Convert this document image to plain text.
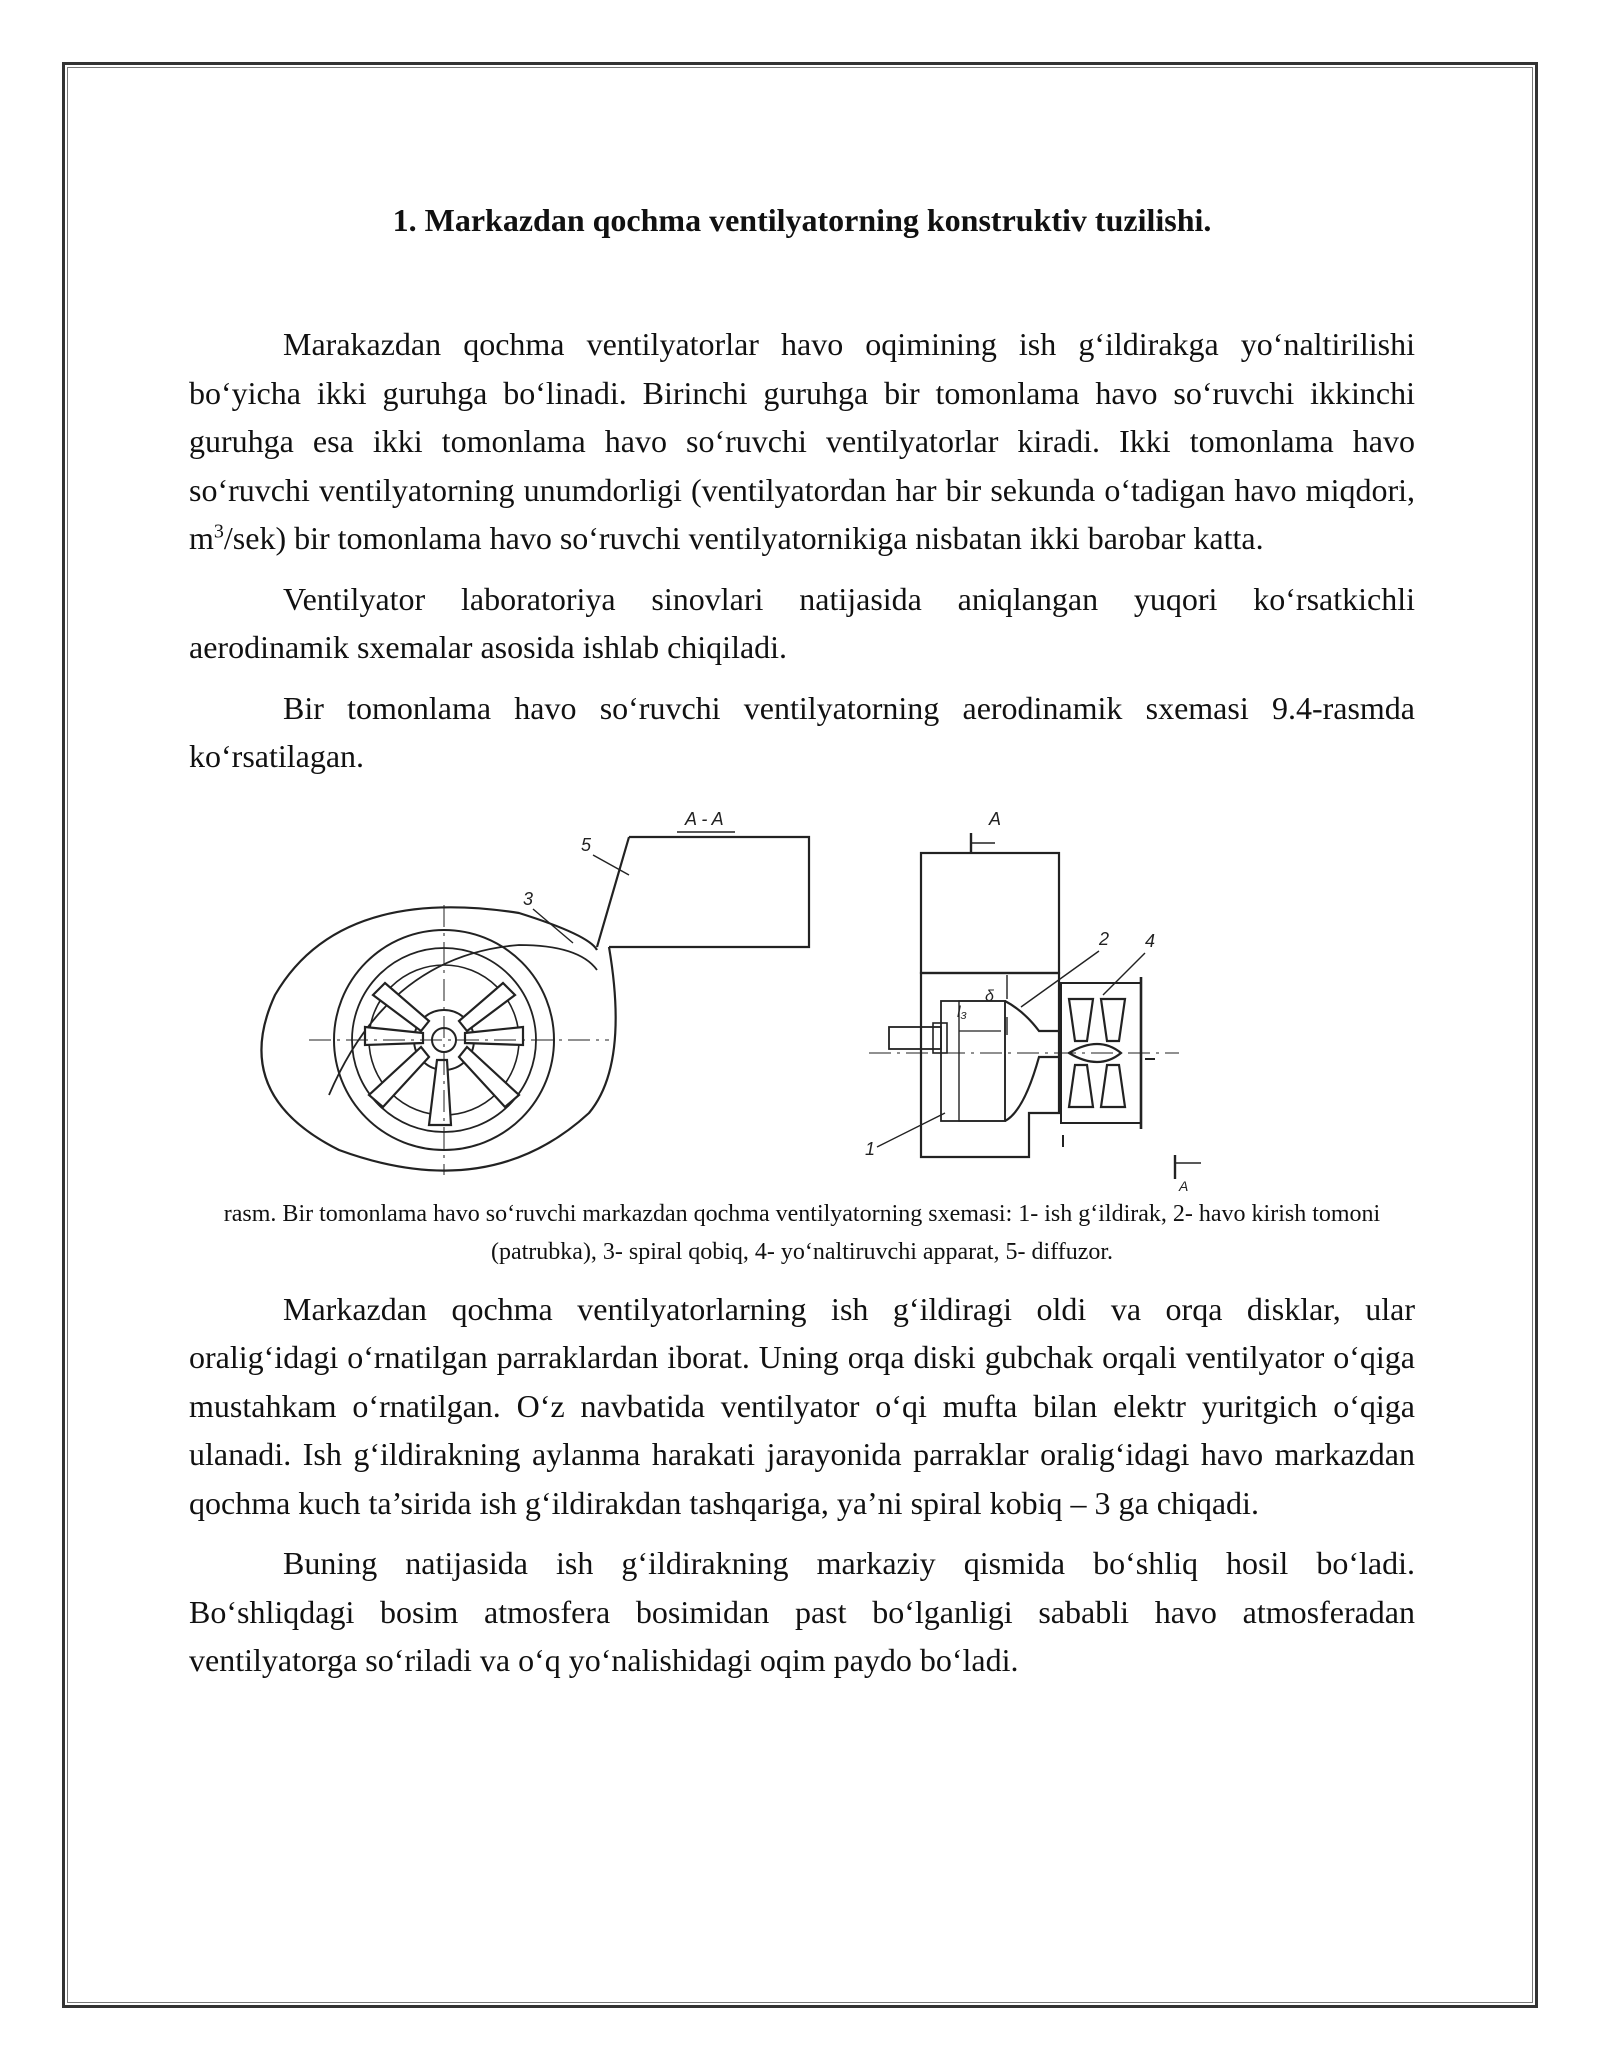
1. Markazdan qochma ventilyatorning konstruktiv tuzilishi.

Marakazdan qochma ventilyatorlar havo oqimining ish g‘ildirakga yo‘naltirilishi bo‘yicha ikki guruhga bo‘linadi. Birinchi guruhga bir tomonlama havo so‘ruvchi ikkinchi guruhga esa ikki tomonlama havo so‘ruvchi ventilyatorlar kiradi. Ikki tomonlama havo so‘ruvchi ventilyatorning unumdorligi (ventilyatordan har bir sekunda o‘tadigan havo miqdori, $m^3/sek$) bir tomonlama havo so‘ruvchi ventilyatornikiga nisbatan ikki barobar katta.

Ventilyator laboratoriya sinovlari natijasida aniqlangan yuqori ko‘rsatkichli aerodinamik sxemalar asosida ishlab chiqiladi.

Bir tomonlama havo so‘ruvchi ventilyatorning aerodinamik sxemasi 9.4-rasmda ko‘rsatilagan.

A - A
5
3
A
δ
l₃
2 4
1
A

rasm. Bir tomonlama havo so‘ruvchi markazdan qochma ventilyatorning sxemasi: 1- ish g‘ildirak, 2- havo kirish tomoni (patrubka), 3- spiral qobiq, 4- yo‘naltiruvchi apparat, 5- diffuzor.

Markazdan qochma ventilyatorlarning ish g‘ildiragi oldi va orqa disklar, ular oralig‘idagi o‘rnatilgan parraklardan iborat. Uning orqa diski gubchak orqali ventilyator o‘qiga mustahkam o‘rnatilgan. O‘z navbatida ventilyator o‘qi mufta bilan elektr yuritgich o‘qiga ulanadi. Ish g‘ildirakning aylanma harakati jarayonida parraklar oralig‘idagi havo markazdan qochma kuch ta’sirida ish g‘ildirakdan tashqariga, ya’ni spiral kobiq – 3 ga chiqadi.

Buning natijasida ish g‘ildirakning markaziy qismida bo‘shliq hosil bo‘ladi. Bo‘shliqdagi bosim atmosfera bosimidan past bo‘lganligi sababli havo atmosferadan ventilyatorga so‘riladi va o‘q yo‘nalishidagi oqim paydo bo‘ladi.
